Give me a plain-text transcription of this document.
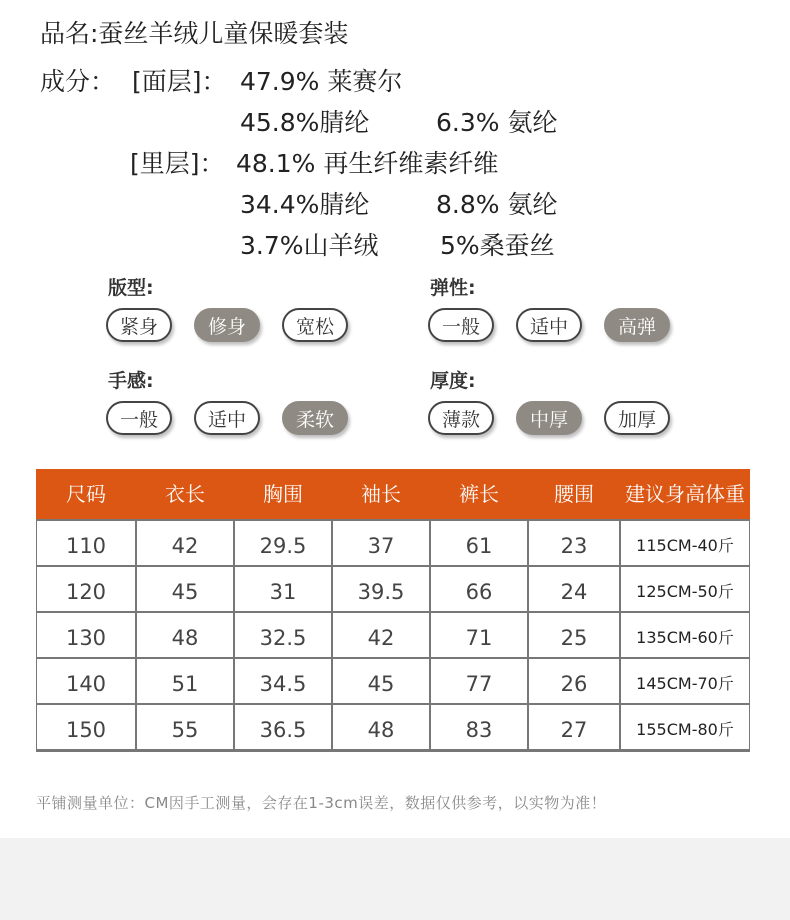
品名:蚕丝羊绒儿童保暖套装
成分： [面层]： 47.9% 莱赛尔
45.8%腈纶	6.3% 氨纶
[里层]： 48.1% 再生纤维素纤维
34.4%腈纶	8.8% 氨纶
3.7%山羊绒 5%桑蚕丝
版型:
紧身	修身	宽松
弹性:
一般	适中	高弹
手感:
一般	适中	柔软
厚度:
薄款	中厚	加厚
尺码	衣长	胸围	袖长	裤长	腰围	建议身高体重
110	42	29.5	37	61	23	115CM-40斤
120	45	31	39.5	66	24	125CM-50斤
130	48	32.5	42	71	25	135CM-60斤
140	51	34.5	45	77	26	145CM-70斤
150	55	36.5	48	83	27	155CM-80斤
平铺测量单位：CM因手工测量，会存在1-3cm误差，数据仅供参考，以实物为准！
